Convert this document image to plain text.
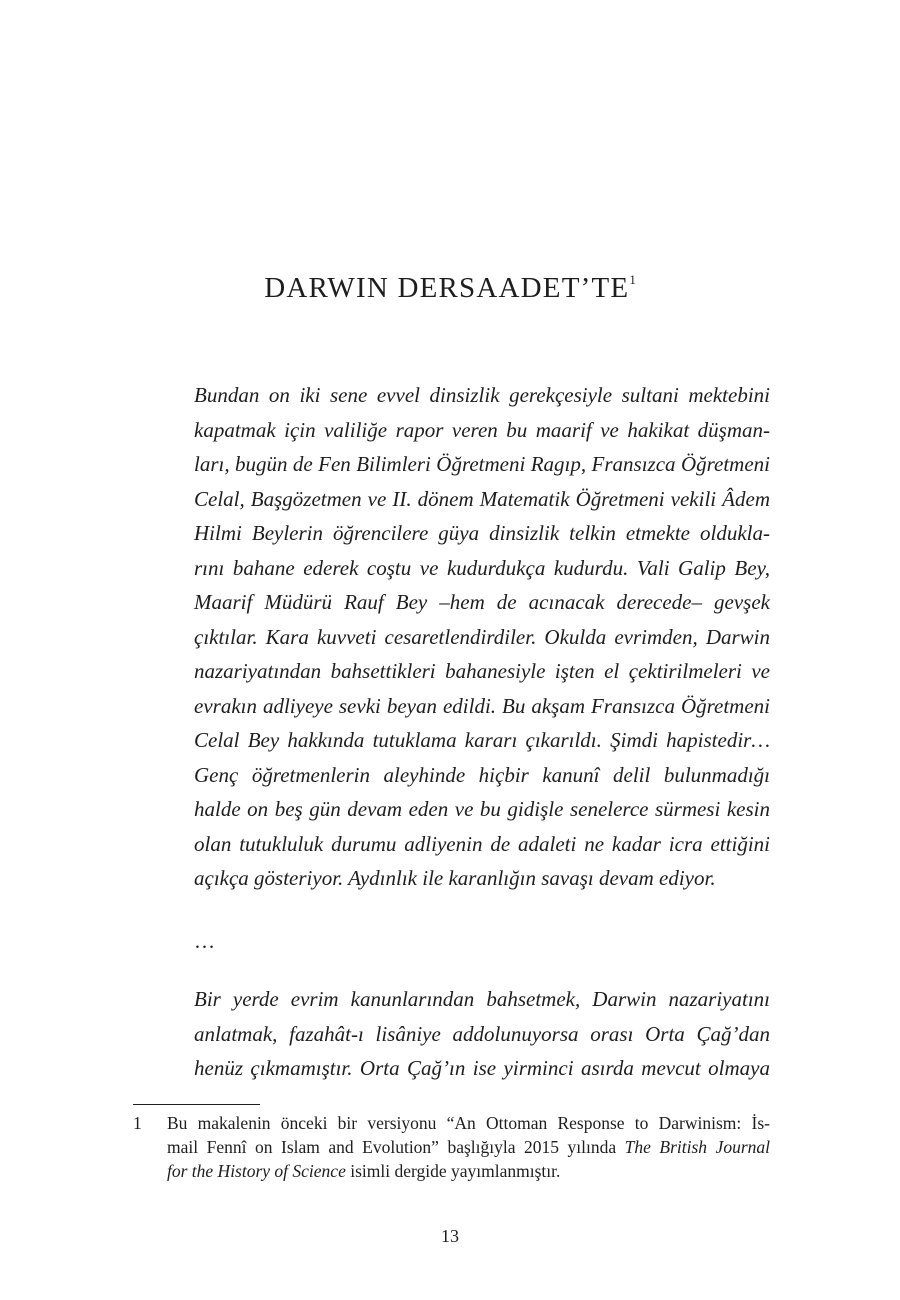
DARWIN $DERSAADET’TE^1$
Bundan on iki sene evvel dinsizlik gerekçesiyle sultani mektebini
kapatmak için valiliğe rapor veren bu maarif ve hakikat düşman-
ları, bugün de Fen Bilimleri Öğretmeni Ragıp, Fransızca Öğretmeni
Celal, Başgözetmen ve II. dönem Matematik Öğretmeni vekili Âdem
Hilmi Beylerin öğrencilere güya dinsizlik telkin etmekte oldukla-
rını bahane ederek coştu ve kudurdukça kudurdu. Vali Galip Bey,
Maarif Müdürü Rauf Bey –hem de acınacak derecede– gevşek
çıktılar. Kara kuvveti cesaretlendirdiler. Okulda evrimden, Darwin
nazariyatından bahsettikleri bahanesiyle işten el çektirilmeleri ve
evrakın adliyeye sevki beyan edildi. Bu akşam Fransızca Öğretmeni
Celal Bey hakkında tutuklama kararı çıkarıldı. Şimdi hapistedir…
Genç öğretmenlerin aleyhinde hiçbir kanunî delil bulunmadığı
halde on beş gün devam eden ve bu gidişle senelerce sürmesi kesin
olan tutukluluk durumu adliyenin de adaleti ne kadar icra ettiğini
açıkça gösteriyor. Aydınlık ile karanlığın savaşı devam ediyor.
…
Bir yerde evrim kanunlarından bahsetmek, Darwin nazariyatını
anlatmak, fazahât-ı lisâniye addolunuyorsa orası Orta Çağ’dan
henüz çıkmamıştır. Orta Çağ’ın ise yirminci asırda mevcut olmaya
1 Bu makalenin önceki bir versiyonu “An Ottoman Response to Darwinism: İs-
mail Fennî on Islam and Evolution” başlığıyla 2015 yılında The British Journal
for the History of Science isimli dergide yayımlanmıştır.
13
